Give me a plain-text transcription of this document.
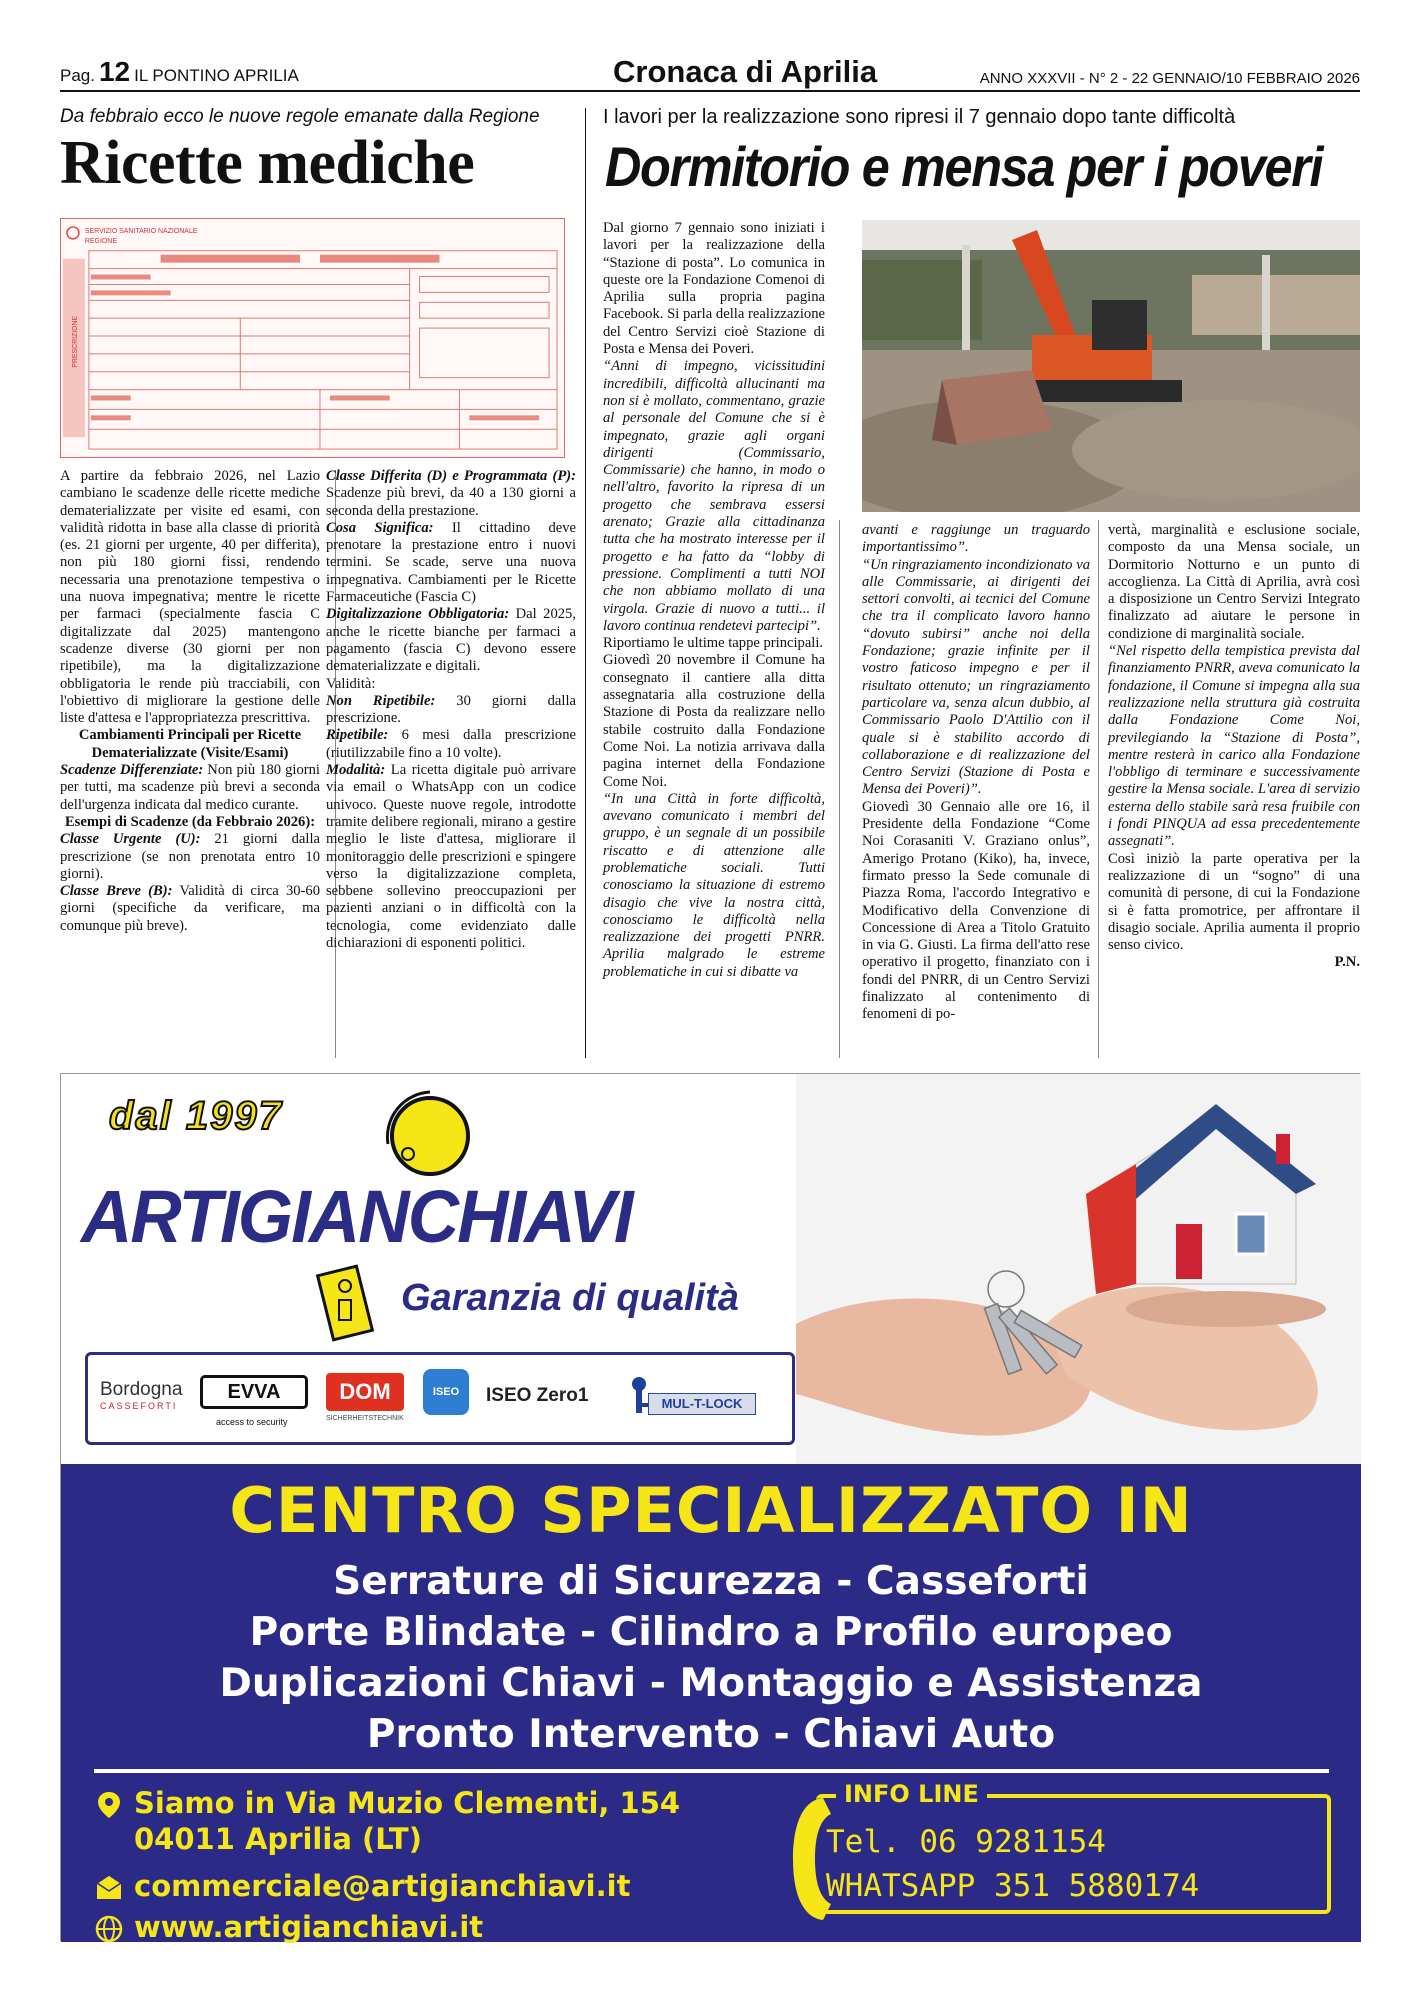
Pag. 12 IL PONTINO APRILIA	Cronaca di Aprilia	ANNO XXXVII - N° 2 - 22 GENNAIO/10 FEBBRAIO 2026
Da febbraio ecco le nuove regole emanate dalla Regione
Ricette mediche
SERVIZIO SANITARIO NAZIONALE
REGIONE
PRESCRIZIONE

A partire da febbraio 2026, nel Lazio cambiano le scadenze delle ricette mediche dematerializzate per visite ed esami, con validità ridotta in base alla classe di priorità (es. 21 giorni per urgente, 40 per differita), non più 180 giorni fissi, rendendo necessaria una prenotazione tempestiva o una nuova impegnativa; mentre le ricette per farmaci (specialmente fascia C digitalizzate dal 2025) mantengono scadenze diverse (30 giorni per non ripetibile), ma la digitalizzazione obbligatoria le rende più tracciabili, con l'obiettivo di migliorare la gestione delle liste d'attesa e l'appropriatezza prescrittiva.

Cambiamenti Principali per Ricette Dematerializzate (Visite/Esami)

Scadenze Differenziate: Non più 180 giorni per tutti, ma scadenze più brevi a seconda dell'urgenza indicata dal medico curante.

Esempi di Scadenze (da Febbraio 2026):

Classe Urgente (U): 21 giorni dalla prescrizione (se non prenotata entro 10 giorni).

Classe Breve (B): Validità di circa 30-60 giorni (specifiche da verificare, ma comunque più breve).

Classe Differita (D) e Programmata (P): Scadenze più brevi, da 40 a 130 giorni a seconda della prestazione.

Cosa Significa: Il cittadino deve prenotare la prestazione entro i nuovi termini. Se scade, serve una nuova impegnativa. Cambiamenti per le Ricette Farmaceutiche (Fascia C)

Digitalizzazione Obbligatoria: Dal 2025, anche le ricette bianche per farmaci a pagamento (fascia C) devono essere dematerializzate e digitali.

Validità:

Non Ripetibile: 30 giorni dalla prescrizione.

Ripetibile: 6 mesi dalla prescrizione (riutilizzabile fino a 10 volte).

Modalità: La ricetta digitale può arrivare via email o WhatsApp con un codice univoco. Queste nuove regole, introdotte tramite delibere regionali, mirano a gestire meglio le liste d'attesa, migliorare il monitoraggio delle prescrizioni e spingere verso la digitalizzazione completa, sebbene sollevino preoccupazioni per pazienti anziani o in difficoltà con la tecnologia, come evidenziato dalle dichiarazioni di esponenti politici.

I lavori per la realizzazione sono ripresi il 7 gennaio dopo tante difficoltà
Dormitorio e mensa per i poveri

Dal giorno 7 gennaio sono iniziati i lavori per la realizzazione della “Stazione di posta”. Lo comunica in queste ore la Fondazione Comenoi di Aprilia sulla propria pagina Facebook. Si parla della realizzazione del Centro Servizi cioè Stazione di Posta e Mensa dei Poveri.

“Anni di impegno, vicissitudini incredibili, difficoltà allucinanti ma non si è mollato, commentano, grazie al personale del Comune che si è impegnato, grazie agli organi dirigenti (Commissario, Commissarie) che hanno, in modo o nell'altro, favorito la ripresa di un progetto che sembrava essersi arenato; Grazie alla cittadinanza tutta che ha mostrato interesse per il progetto e ha fatto da “lobby di pressione. Complimenti a tutti NOI che non abbiamo mollato di una virgola. Grazie di nuovo a tutti... il lavoro continua rendetevi partecipi”.

Riportiamo le ultime tappe principali.

Giovedì 20 novembre il Comune ha consegnato il cantiere alla ditta assegnataria alla costruzione della Stazione di Posta da realizzare nello stabile costruito dalla Fondazione Come Noi. La notizia arrivava dalla pagina internet della Fondazione Come Noi.

“In una Città in forte difficoltà, avevano comunicato i membri del gruppo, è un segnale di un possibile riscatto e di attenzione alle problematiche sociali. Tutti conosciamo la situazione di estremo disagio che vive la nostra città, conosciamo le difficoltà nella realizzazione dei progetti PNRR. Aprilia malgrado le estreme problematiche in cui si dibatte va

avanti e raggiunge un traguardo importantissimo”.

“Un ringraziamento incondizionato va alle Commissarie, ai dirigenti dei settori convolti, ai tecnici del Comune che tra il complicato lavoro hanno “dovuto subirsi” anche noi della Fondazione; grazie infinite per il vostro faticoso impegno e per il risultato ottenuto; un ringraziamento particolare va, senza alcun dubbio, al Commissario Paolo D'Attilio con il quale si è stabilito accordo di collaborazione e di realizzazione del Centro Servizi (Stazione di Posta e Mensa dei Poveri)”.

Giovedì 30 Gennaio alle ore 16, il Presidente della Fondazione “Come Noi Corasaniti V. Graziano onlus”, Amerigo Protano (Kiko), ha, invece, firmato presso la Sede comunale di Piazza Roma, l'accordo Integrativo e Modificativo della Convenzione di Concessione di Area a Titolo Gratuito in via G. Giusti. La firma dell'atto rese operativo il progetto, finanziato con i fondi del PNRR, di un Centro Servizi finalizzato al contenimento di fenomeni di po-

vertà, marginalità e esclusione sociale, composto da una Mensa sociale, un Dormitorio Notturno e un punto di accoglienza. La Città di Aprilia, avrà così a disposizione un Centro Servizi Integrato finalizzato ad aiutare le persone in condizione di marginalità sociale.

“Nel rispetto della tempistica prevista dal finanziamento PNRR, aveva comunicato la fondazione, il Comune si impegna alla sua realizzazione nella struttura già costruita dalla Fondazione Come Noi, previlegiando la “Stazione di Posta”, mentre resterà in carico alla Fondazione l'obbligo di terminare e successivamente gestire la Mensa sociale. L'area di servizio esterna dello stabile sarà resa fruibile con i fondi PINQUA ad essa precedentemente assegnati”.

Così iniziò la parte operativa per la realizzazione di un “sogno” di una comunità di persone, di cui la Fondazione si è fatta promotrice, per affrontare il disagio sociale. Aprilia aumenta il proprio senso civico.

P.N.

dal 1997
ARTIGIANCHIAVI
Garanzia di qualità
Bordogna
CASSEFORTI
EVVA
access to security
DOM
SICHERHEITSTECHNIK
ISEO	ISEO Zero1	MUL-T-LOCK
CENTRO SPECIALIZZATO IN
Serrature di Sicurezza - Casseforti
Porte Blindate - Cilindro a Profilo europeo
Duplicazioni Chiavi - Montaggio e Assistenza
Pronto Intervento - Chiavi Auto
Siamo in Via Muzio Clementi, 154
04011 Aprilia (LT)
commerciale@artigianchiavi.it
www.artigianchiavi.it
INFO LINE
Tel. 06 9281154
WHATSAPP 351 5880174
